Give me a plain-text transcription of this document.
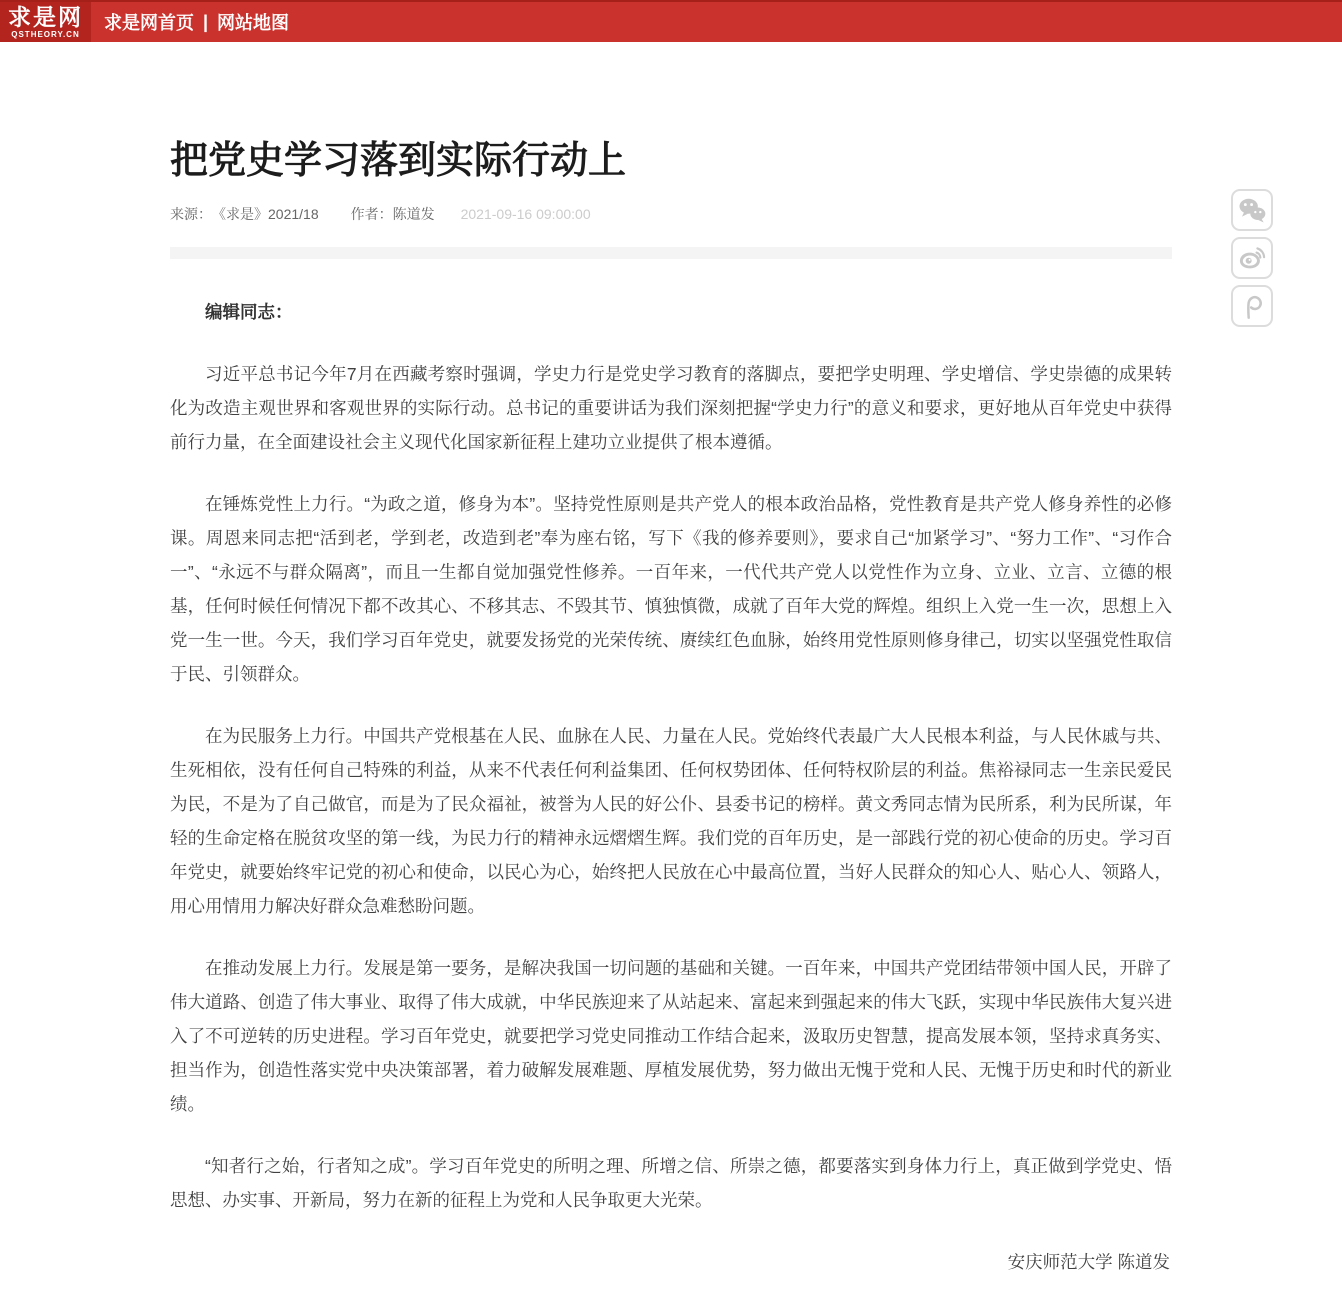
求是网
QSTHEORY.CN
求是网首页 | 网站地图
把党史学习落到实际行动上
来源： 《求是》2021/18 作者： 陈道发 2021-09-16 09:00:00

编辑同志：

习近平总书记今年7月在西藏考察时强调，学史力行是党史学习教育的落脚点，要把学史明理、学史增信、学史崇德的成果转化为改造主观世界和客观世界的实际行动。总书记的重要讲话为我们深刻把握“学史力行”的意义和要求，更好地从百年党史中获得前行力量，在全面建设社会主义现代化国家新征程上建功立业提供了根本遵循。

在锤炼党性上力行。“为政之道，修身为本”。坚持党性原则是共产党人的根本政治品格，党性教育是共产党人修身养性的必修课。周恩来同志把“活到老，学到老，改造到老”奉为座右铭，写下《我的修养要则》，要求自己“加紧学习”、“努力工作”、“习作合一”、“永远不与群众隔离”，而且一生都自觉加强党性修养。一百年来，一代代共产党人以党性作为立身、立业、立言、立德的根基，任何时候任何情况下都不改其心、不移其志、不毁其节、慎独慎微，成就了百年大党的辉煌。组织上入党一生一次，思想上入党一生一世。今天，我们学习百年党史，就要发扬党的光荣传统、赓续红色血脉，始终用党性原则修身律己，切实以坚强党性取信于民、引领群众。

在为民服务上力行。中国共产党根基在人民、血脉在人民、力量在人民。党始终代表最广大人民根本利益，与人民休戚与共、生死相依，没有任何自己特殊的利益，从来不代表任何利益集团、任何权势团体、任何特权阶层的利益。焦裕禄同志一生亲民爱民为民，不是为了自己做官，而是为了民众福祉，被誉为人民的好公仆、县委书记的榜样。黄文秀同志情为民所系，利为民所谋，年轻的生命定格在脱贫攻坚的第一线，为民力行的精神永远熠熠生辉。我们党的百年历史，是一部践行党的初心使命的历史。学习百年党史，就要始终牢记党的初心和使命，以民心为心，始终把人民放在心中最高位置，当好人民群众的知心人、贴心人、领路人，用心用情用力解决好群众急难愁盼问题。

在推动发展上力行。发展是第一要务，是解决我国一切问题的基础和关键。一百年来，中国共产党团结带领中国人民，开辟了伟大道路、创造了伟大事业、取得了伟大成就，中华民族迎来了从站起来、富起来到强起来的伟大飞跃，实现中华民族伟大复兴进入了不可逆转的历史进程。学习百年党史，就要把学习党史同推动工作结合起来，汲取历史智慧，提高发展本领，坚持求真务实、担当作为，创造性落实党中央决策部署，着力破解发展难题、厚植发展优势，努力做出无愧于党和人民、无愧于历史和时代的新业绩。

“知者行之始，行者知之成”。学习百年党史的所明之理、所增之信、所崇之德，都要落实到身体力行上，真正做到学党史、悟思想、办实事、开新局，努力在新的征程上为党和人民争取更大光荣。

安庆师范大学 陈道发
